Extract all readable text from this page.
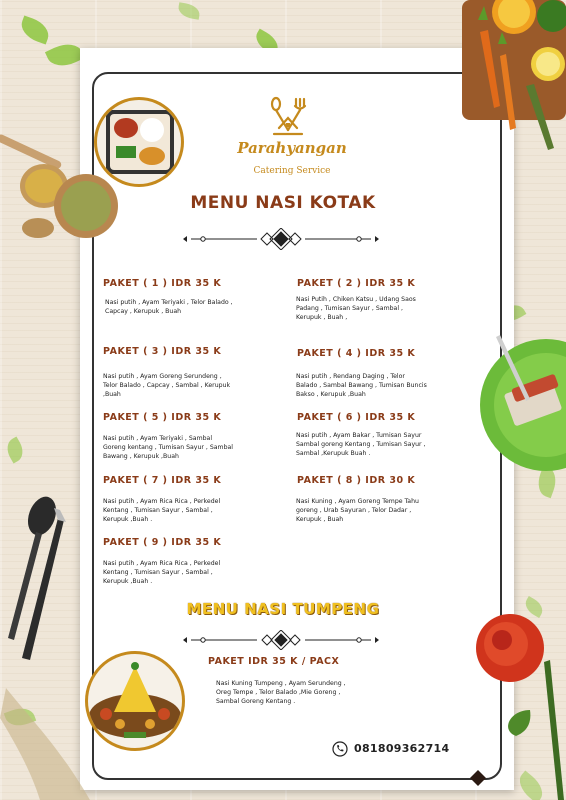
Parahyangan
Catering Service
MENU NASI KOTAK
PAKET ( 1 ) IDR 35 K
Nasi putih , Ayam Teriyaki , Telor Balado , Capcay , Kerupuk , Buah
PAKET ( 2 ) IDR 35 K
Nasi Putih , Chiken Katsu , Udang Saos Padang , Tumisan Sayur , Sambal , Kerupuk , Buah ,
PAKET ( 3 ) IDR 35 K
Nasi putih , Ayam Goreng Serundeng , Telor Balado , Capcay , Sambal , Kerupuk ,Buah
PAKET ( 4 ) IDR 35 K
Nasi putih , Rendang Daging , Telor Balado , Sambal Bawang , Tumisan Buncis Bakso , Kerupuk ,Buah
PAKET ( 5 ) IDR 35 K
Nasi putih , Ayam Teriyaki , Sambal Goreng kentang , Tumisan Sayur , Sambal Bawang , Kerupuk ,Buah
PAKET ( 6 ) IDR 35 K
Nasi putih , Ayam Bakar , Tumisan Sayur Sambal goreng Kentang , Tumisan Sayur , Sambal ,Kerupuk Buah .
PAKET ( 7 ) IDR 35 K
Nasi putih , Ayam Rica Rica , Perkedel Kentang , Tumisan Sayur , Sambal , Kerupuk ,Buah .
PAKET ( 8 ) IDR 30 K
Nasi Kuning , Ayam Goreng Tempe Tahu goreng , Urab Sayuran , Telor Dadar , Kerupuk , Buah
PAKET ( 9 ) IDR 35 K
Nasi putih , Ayam Rica Rica , Perkedel Kentang , Tumisan Sayur , Sambal , Kerupuk ,Buah .
MENU NASI TUMPENG
PAKET IDR 35 K / PACX
Nasi Kuning Tumpeng , Ayam Serundeng , Oreg Tempe , Telor Balado ,Mie Goreng , Sambal Goreng Kentang .
081809362714
